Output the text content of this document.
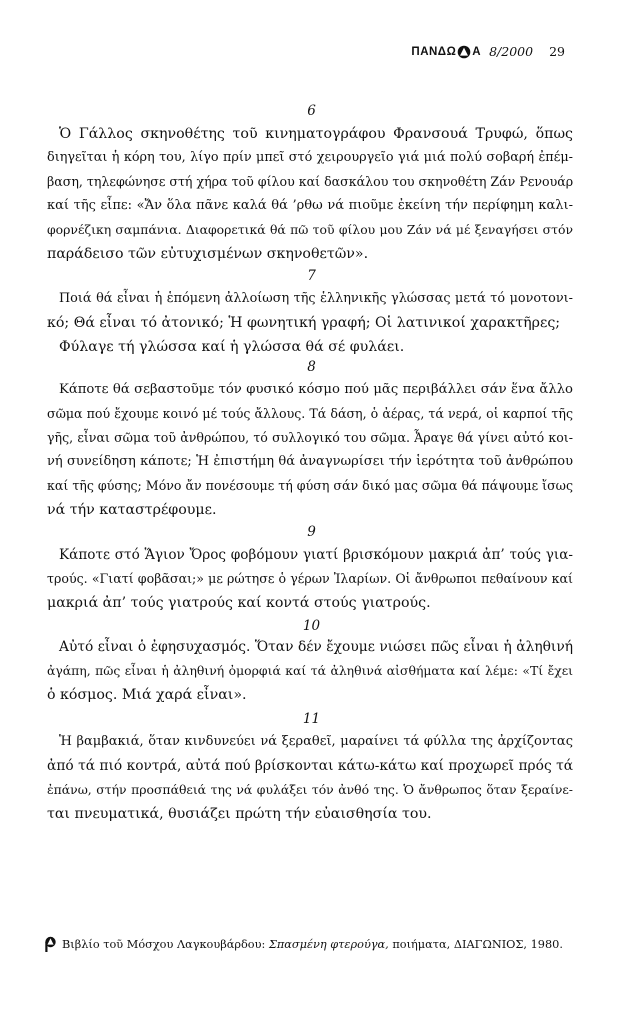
ΠΑΝΔΩ Α 8/2000 29
6
Ὁ Γάλλος σκηνοθέτης τοῦ κινηματογράφου Φρανσουά Τρυφώ, ὅπως
διηγεῖται ἡ κόρη του, λίγο πρίν μπεῖ στό χειρουργεῖο γιά μιά πολύ σοβαρή ἐπέμ-
βαση, τηλεφώνησε στή χήρα τοῦ φίλου καί δασκάλου του σκηνοθέτη Ζάν Ρενουάρ
καί τῆς εἶπε: «Ἄν ὅλα πᾶνε καλά θά ’ρθω νά πιοῦμε ἐκείνη τήν περίφημη καλι-
φορνέζικη σαμπάνια. Διαφορετικά θά πῶ τοῦ φίλου μου Ζάν νά μέ ξεναγήσει στόν
παράδεισο τῶν εὐτυχισμένων σκηνοθετῶν».
7
Ποιά θά εἶναι ἡ ἑπόμενη ἀλλοίωση τῆς ἑλληνικῆς γλώσσας μετά τό μονοτονι-
κό; Θά εἶναι τό ἀτονικό; Ἡ φωνητική γραφή; Οἱ λατινικοί χαρακτῆρες;
Φύλαγε τή γλώσσα καί ἡ γλώσσα θά σέ φυλάει.
8
Κάποτε θά σεβαστοῦμε τόν φυσικό κόσμο πού μᾶς περιβάλλει σάν ἕνα ἄλλο
σῶμα πού ἔχουμε κοινό μέ τούς ἄλλους. Τά δάση, ὁ ἀέρας, τά νερά, οἱ καρποί τῆς
γῆς, εἶναι σῶμα τοῦ ἀνθρώπου, τό συλλογικό του σῶμα. Ἆραγε θά γίνει αὐτό κοι-
νή συνείδηση κάποτε; Ἡ ἐπιστήμη θά ἀναγνωρίσει τήν ἱερότητα τοῦ ἀνθρώπου
καί τῆς φύσης; Μόνο ἄν πονέσουμε τή φύση σάν δικό μας σῶμα θά πάψουμε ἴσως
νά τήν καταστρέφουμε.
9
Κάποτε στό Ἅγιον Ὄρος φοβόμουν γιατί βρισκόμουν μακριά ἀπ’ τούς για-
τρούς. «Γιατί φοβᾶσαι;» με ρώτησε ὁ γέρων Ἰλαρίων. Οἱ ἄνθρωποι πεθαίνουν καί
μακριά ἀπ’ τούς γιατρούς καί κοντά στούς γιατρούς.
10
Αὐτό εἶναι ὁ ἐφησυχασμός. Ὅταν δέν ἔχουμε νιώσει πῶς εἶναι ἡ ἀληθινή
ἀγάπη, πῶς εἶναι ἡ ἀληθινή ὀμορφιά καί τά ἀληθινά αἰσθήματα καί λέμε: «Τί ἔχει
ὁ κόσμος. Μιά χαρά εἶναι».
11
Ἡ βαμβακιά, ὅταν κινδυνεύει νά ξεραθεῖ, μαραίνει τά φύλλα της ἀρχίζοντας
ἀπό τά πιό κοντρά, αὐτά πού βρίσκονται κάτω-κάτω καί προχωρεῖ πρός τά
ἐπάνω, στήν προσπάθειά της νά φυλάξει τόν ἀνθό της. Ὁ ἄνθρωπος ὅταν ξεραίνε-
ται πνευματικά, θυσιάζει πρώτη τήν εὐαισθησία του.
Βιβλίο τοῦ Μόσχου Λαγκουβάρδου:
Σπασμένη φτερούγα,
ποιήματα, ΔΙΑΓΩΝΙΟΣ, 1980.
